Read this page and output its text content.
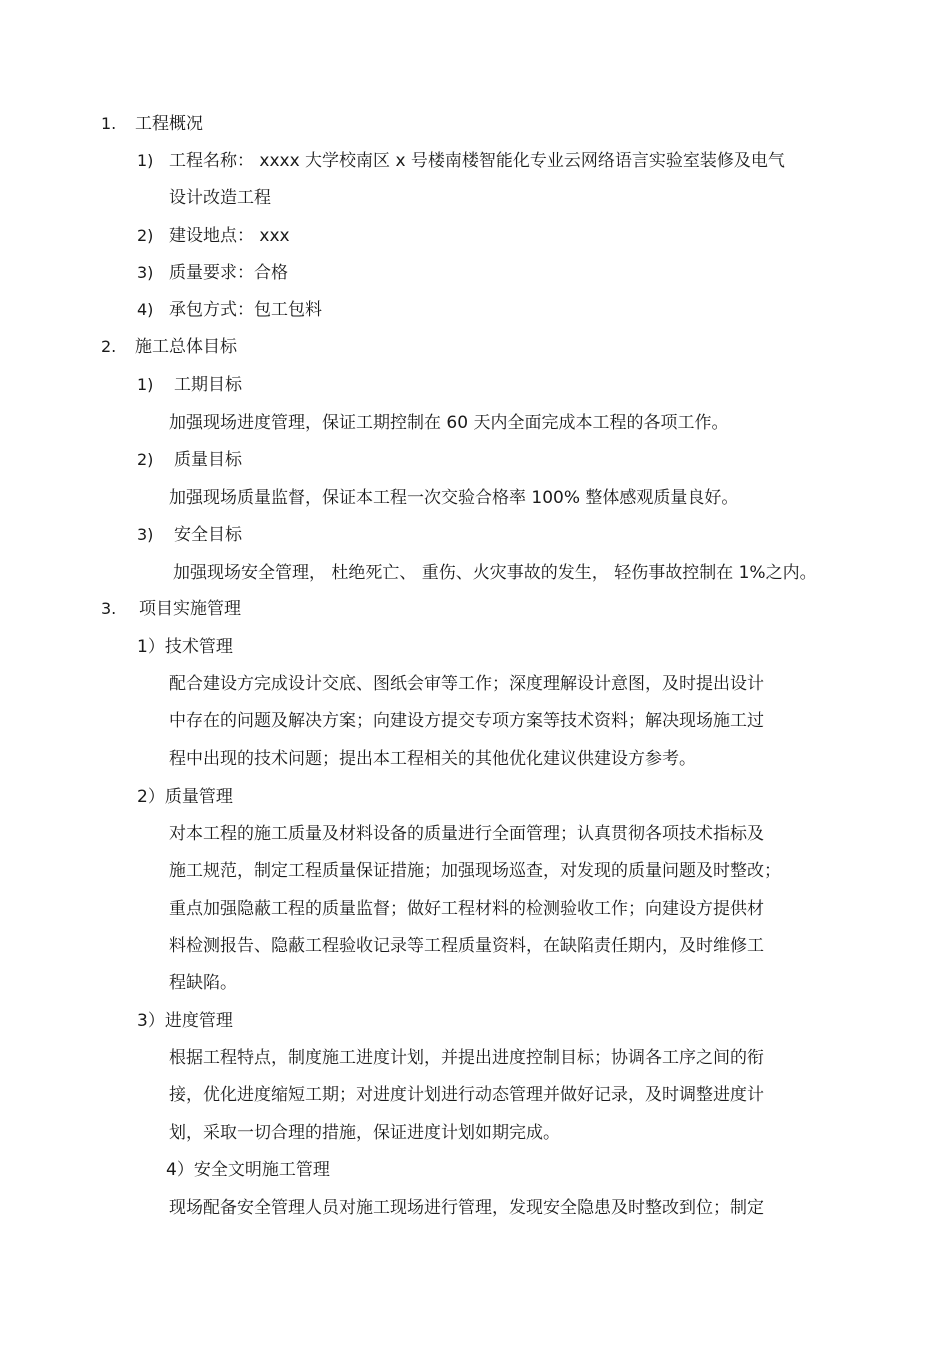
1. 工程概况
1) 工程名称： xxxx 大学校南区 x 号楼南楼智能化专业云网络语言实验室装修及电气
设计改造工程
2) 建设地点： xxx
3) 质量要求：合格
4) 承包方式：包工包料
2. 施工总体目标
1) 工期目标
加强现场进度管理，保证工期控制在 60 天内全面完成本工程的各项工作。
2) 质量目标
加强现场质量监督，保证本工程一次交验合格率 100% 整体感观质量良好。
3) 安全目标
加强现场安全管理， 杜绝死亡、 重伤、火灾事故的发生， 轻伤事故控制在 1%之内。
3. 项目实施管理
1）技术管理
配合建设方完成设计交底、图纸会审等工作；深度理解设计意图，及时提出设计
中存在的问题及解决方案；向建设方提交专项方案等技术资料；解决现场施工过
程中出现的技术问题；提出本工程相关的其他优化建议供建设方参考。
2）质量管理
对本工程的施工质量及材料设备的质量进行全面管理；认真贯彻各项技术指标及
施工规范，制定工程质量保证措施；加强现场巡查，对发现的质量问题及时整改；
重点加强隐蔽工程的质量监督；做好工程材料的检测验收工作；向建设方提供材
料检测报告、隐蔽工程验收记录等工程质量资料，在缺陷责任期内，及时维修工
程缺陷。
3）进度管理
根据工程特点，制度施工进度计划，并提出进度控制目标；协调各工序之间的衔
接，优化进度缩短工期；对进度计划进行动态管理并做好记录，及时调整进度计
划，采取一切合理的措施，保证进度计划如期完成。
4）安全文明施工管理
现场配备安全管理人员对施工现场进行管理，发现安全隐患及时整改到位；制定
